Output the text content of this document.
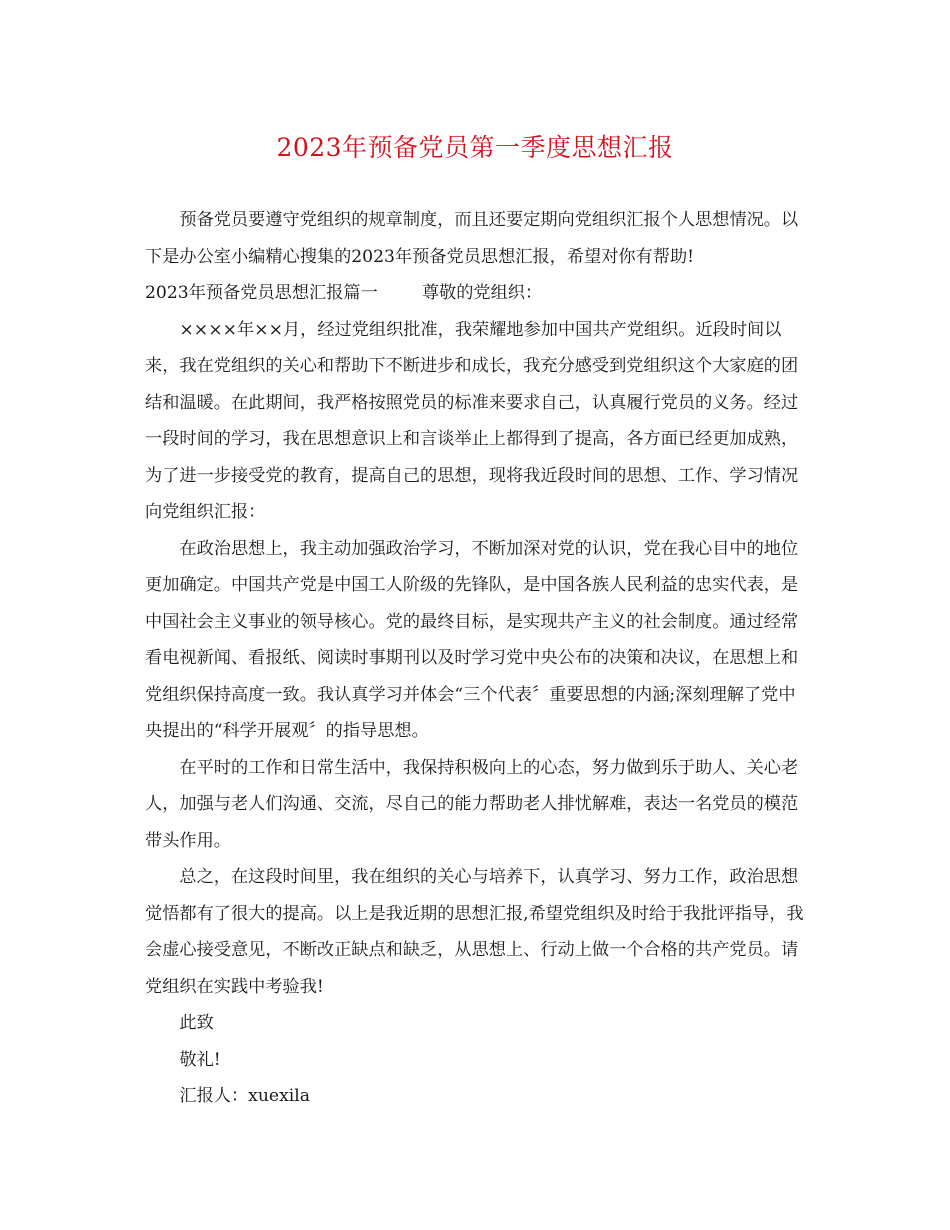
2023年预备党员第一季度思想汇报

预备党员要遵守党组织的规章制度，而且还要定期向党组织汇报个人思想情况。以下是办公室小编精心搜集的2023年预备党员思想汇报，希望对你有帮助!

2023年预备党员思想汇报篇一	尊敬的党组织：

××××年××月，经过党组织批准，我荣耀地参加中国共产党组织。近段时间以来，我在党组织的关心和帮助下不断进步和成长，我充分感受到党组织这个大家庭的团结和温暖。在此期间，我严格按照党员的标准来要求自己，认真履行党员的义务。经过一段时间的学习，我在思想意识上和言谈举止上都得到了提高，各方面已经更加成熟，为了进一步接受党的教育，提高自己的思想，现将我近段时间的思想、工作、学习情况向党组织汇报：

在政治思想上，我主动加强政治学习，不断加深对党的认识，党在我心目中的地位更加确定。中国共产党是中国工人阶级的先锋队，是中国各族人民利益的忠实代表，是中国社会主义事业的领导核心。党的最终目标，是实现共产主义的社会制度。通过经常看电视新闻、看报纸、阅读时事期刊以及时学习党中央公布的决策和决议，在思想上和党组织保持高度一致。我认真学习并体会“三个代表〞重要思想的内涵;深刻理解了党中央提出的“科学开展观〞的指导思想。

在平时的工作和日常生活中，我保持积极向上的心态，努力做到乐于助人、关心老人，加强与老人们沟通、交流，尽自己的能力帮助老人排忧解难，表达一名党员的模范带头作用。

总之，在这段时间里，我在组织的关心与培养下，认真学习、努力工作，政治思想觉悟都有了很大的提高。以上是我近期的思想汇报,希望党组织及时给于我批评指导，我会虚心接受意见，不断改正缺点和缺乏，从思想上、行动上做一个合格的共产党员。请党组织在实践中考验我!

此致

敬礼!

汇报人：xuexila
